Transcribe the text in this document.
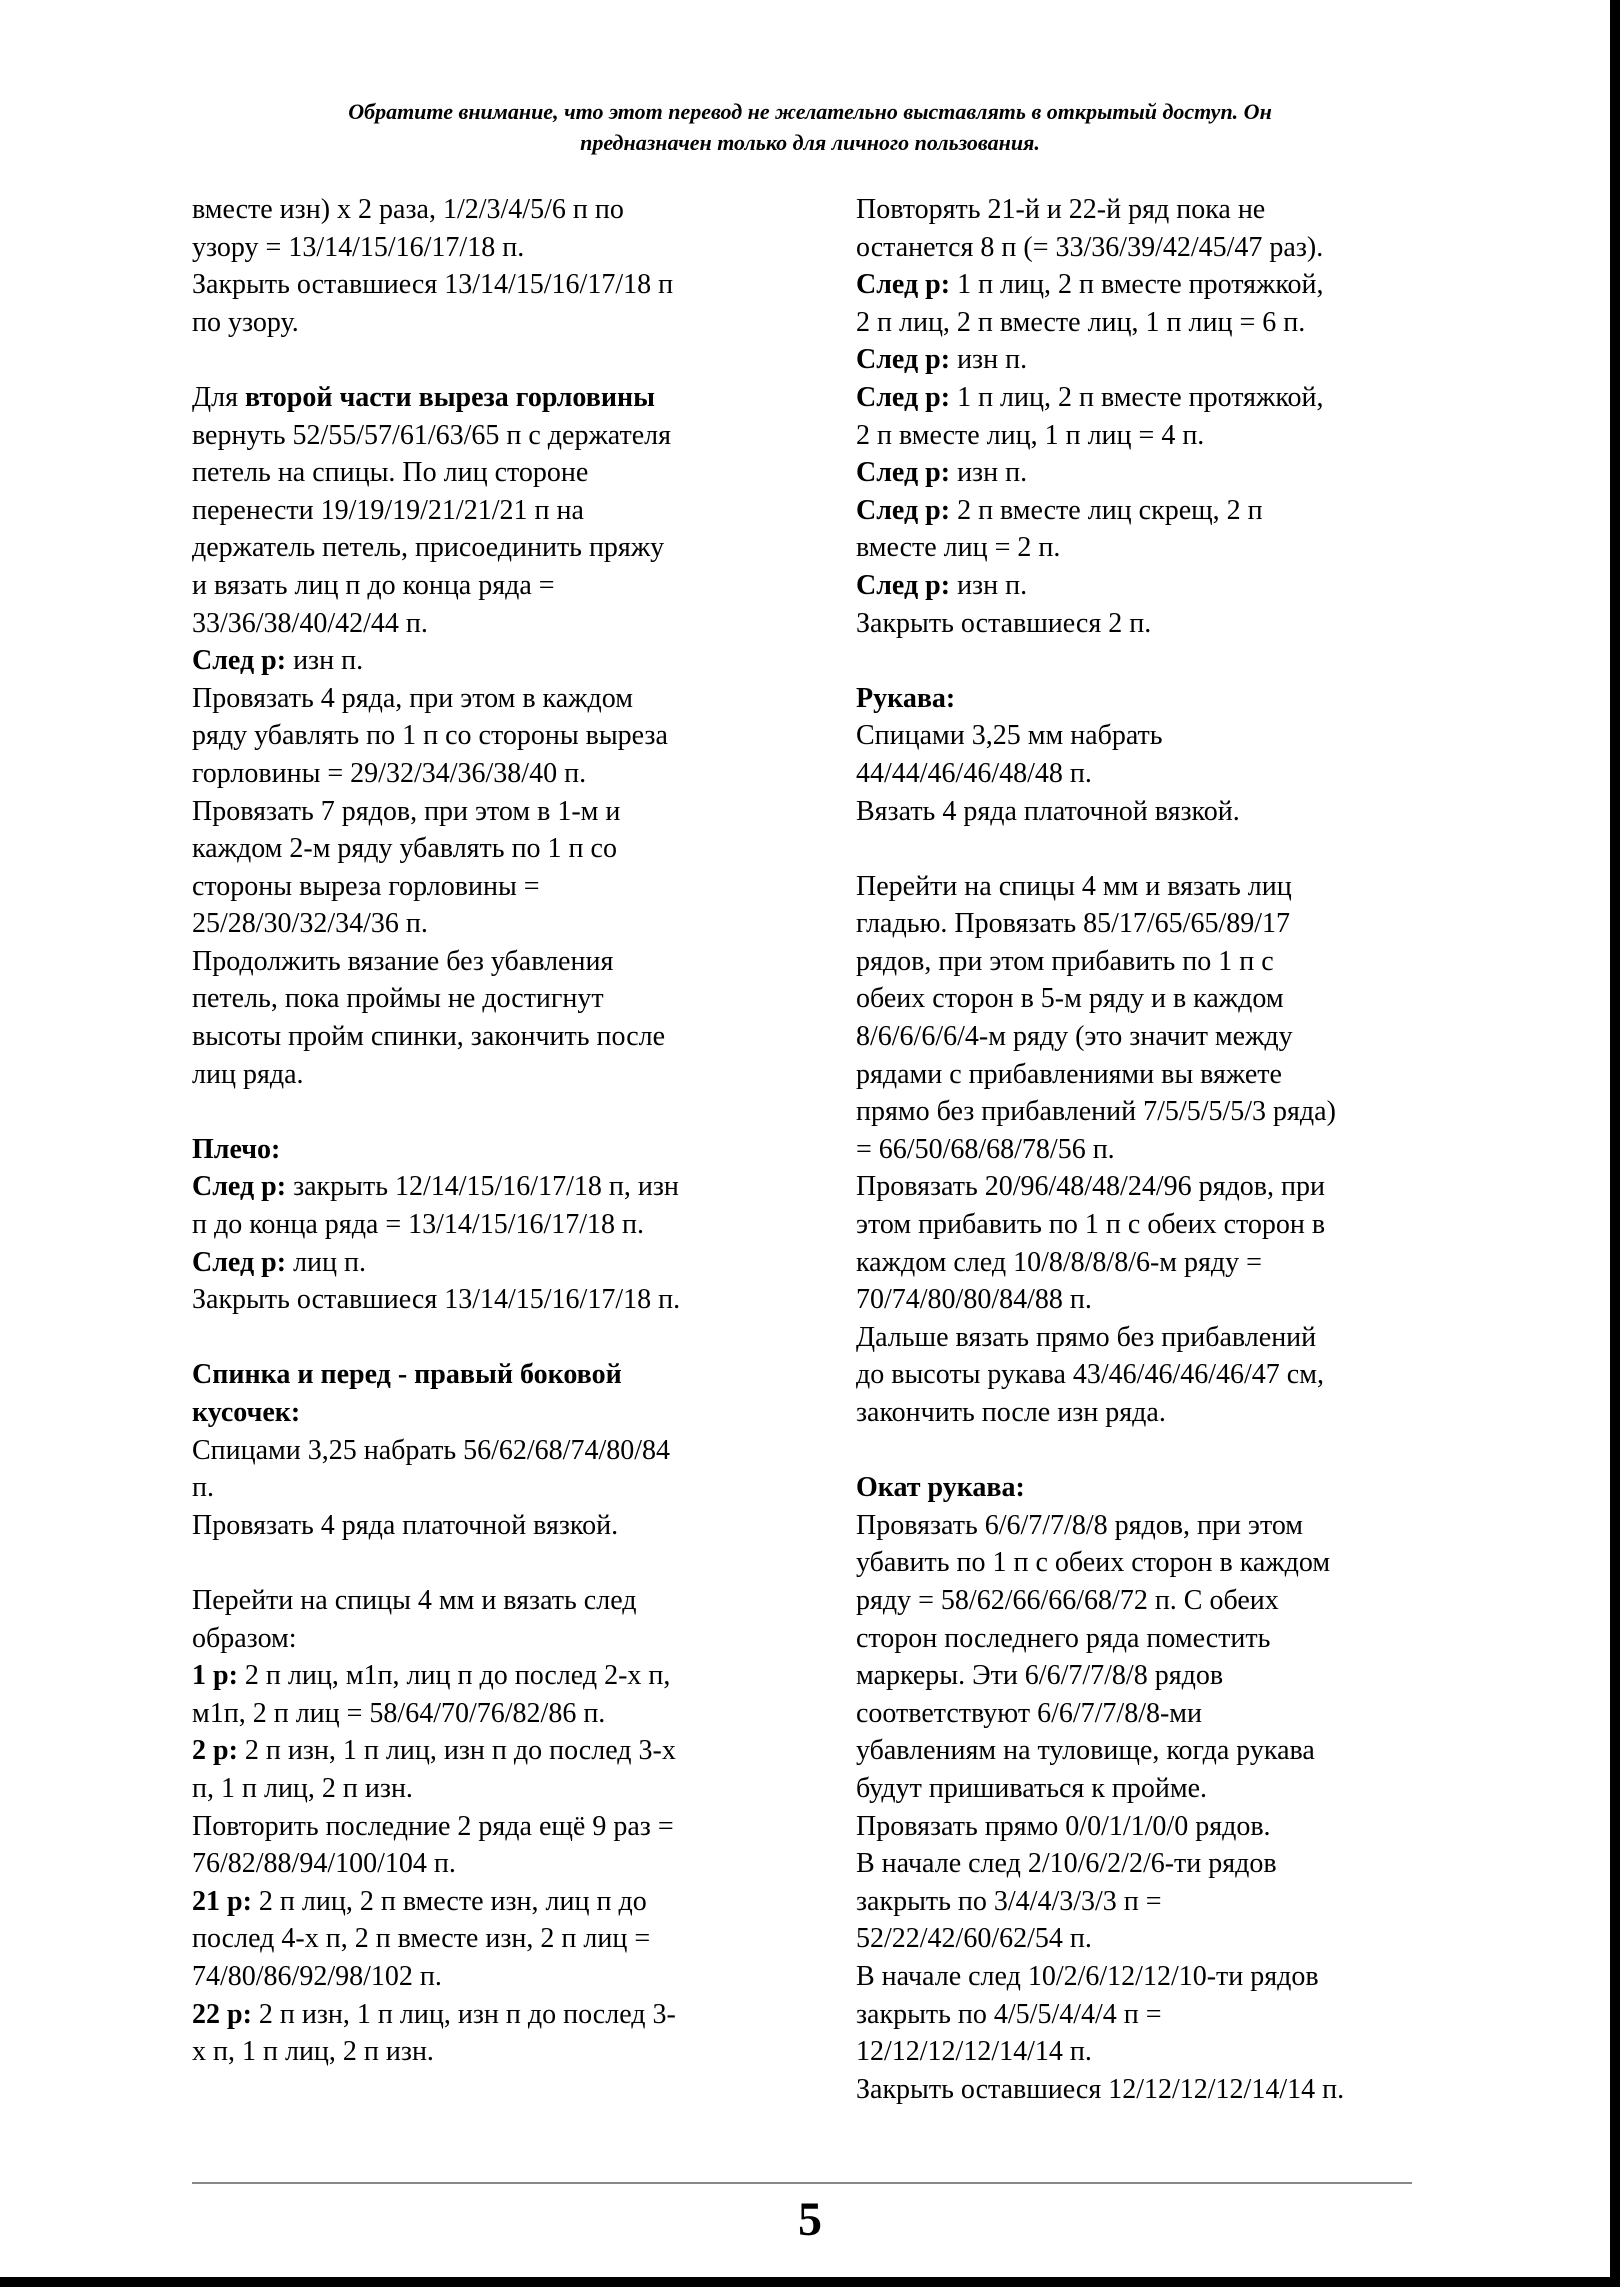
Обратите внимание, что этот перевод не желательно выставлять в открытый доступ. Он
предназначен только для личного пользования.

вместе изн) х 2 раза, 1/2/3/4/5/6 п по

узору = 13/14/15/16/17/18 п.

Закрыть оставшиеся 13/14/15/16/17/18 п

по узору.

Для второй части выреза горловины

вернуть 52/55/57/61/63/65 п с держателя

петель на спицы. По лиц стороне

перенести 19/19/19/21/21/21 п на

держатель петель, присоединить пряжу

и вязать лиц п до конца ряда =

33/36/38/40/42/44 п.

След р: изн п.

Провязать 4 ряда, при этом в каждом

ряду убавлять по 1 п со стороны выреза

горловины = 29/32/34/36/38/40 п.

Провязать 7 рядов, при этом в 1-м и

каждом 2-м ряду убавлять по 1 п со

стороны выреза горловины =

25/28/30/32/34/36 п.

Продолжить вязание без убавления

петель, пока проймы не достигнут

высоты пройм спинки, закончить после

лиц ряда.

Плечо:

След р: закрыть 12/14/15/16/17/18 п, изн

п до конца ряда = 13/14/15/16/17/18 п.

След р: лиц п.

Закрыть оставшиеся 13/14/15/16/17/18 п.

Спинка и перед - правый боковой

кусочек:

Спицами 3,25 набрать 56/62/68/74/80/84

п.

Провязать 4 ряда платочной вязкой.

Перейти на спицы 4 мм и вязать след

образом:

1 р: 2 п лиц, м1п, лиц п до послед 2-х п,

м1п, 2 п лиц = 58/64/70/76/82/86 п.

2 р: 2 п изн, 1 п лиц, изн п до послед 3-х

п, 1 п лиц, 2 п изн.

Повторить последние 2 ряда ещё 9 раз =

76/82/88/94/100/104 п.

21 р: 2 п лиц, 2 п вместе изн, лиц п до

послед 4-х п, 2 п вместе изн, 2 п лиц =

74/80/86/92/98/102 п.

22 р: 2 п изн, 1 п лиц, изн п до послед 3-

х п, 1 п лиц, 2 п изн.

Повторять 21-й и 22-й ряд пока не

останется 8 п (= 33/36/39/42/45/47 раз).

След р: 1 п лиц, 2 п вместе протяжкой,

2 п лиц, 2 п вместе лиц, 1 п лиц = 6 п.

След р: изн п.

След р: 1 п лиц, 2 п вместе протяжкой,

2 п вместе лиц, 1 п лиц = 4 п.

След р: изн п.

След р: 2 п вместе лиц скрещ, 2 п

вместе лиц = 2 п.

След р: изн п.

Закрыть оставшиеся 2 п.

Рукава:

Спицами 3,25 мм набрать

44/44/46/46/48/48 п.

Вязать 4 ряда платочной вязкой.

Перейти на спицы 4 мм и вязать лиц

гладью. Провязать 85/17/65/65/89/17

рядов, при этом прибавить по 1 п с

обеих сторон в 5-м ряду и в каждом

8/6/6/6/6/4-м ряду (это значит между

рядами с прибавлениями вы вяжете

прямо без прибавлений 7/5/5/5/5/3 ряда)

= 66/50/68/68/78/56 п.

Провязать 20/96/48/48/24/96 рядов, при

этом прибавить по 1 п с обеих сторон в

каждом след 10/8/8/8/8/6-м ряду =

70/74/80/80/84/88 п.

Дальше вязать прямо без прибавлений

до высоты рукава 43/46/46/46/46/47 см,

закончить после изн ряда.

Окат рукава:

Провязать 6/6/7/7/8/8 рядов, при этом

убавить по 1 п с обеих сторон в каждом

ряду = 58/62/66/66/68/72 п. С обеих

сторон последнего ряда поместить

маркеры. Эти 6/6/7/7/8/8 рядов

соответствуют 6/6/7/7/8/8-ми

убавлениям на туловище, когда рукава

будут пришиваться к пройме.

Провязать прямо 0/0/1/1/0/0 рядов.

В начале след 2/10/6/2/2/6-ти рядов

закрыть по 3/4/4/3/3/3 п =

52/22/42/60/62/54 п.

В начале след 10/2/6/12/12/10-ти рядов

закрыть по 4/5/5/4/4/4 п =

12/12/12/12/14/14 п.

Закрыть оставшиеся 12/12/12/12/14/14 п.

5
